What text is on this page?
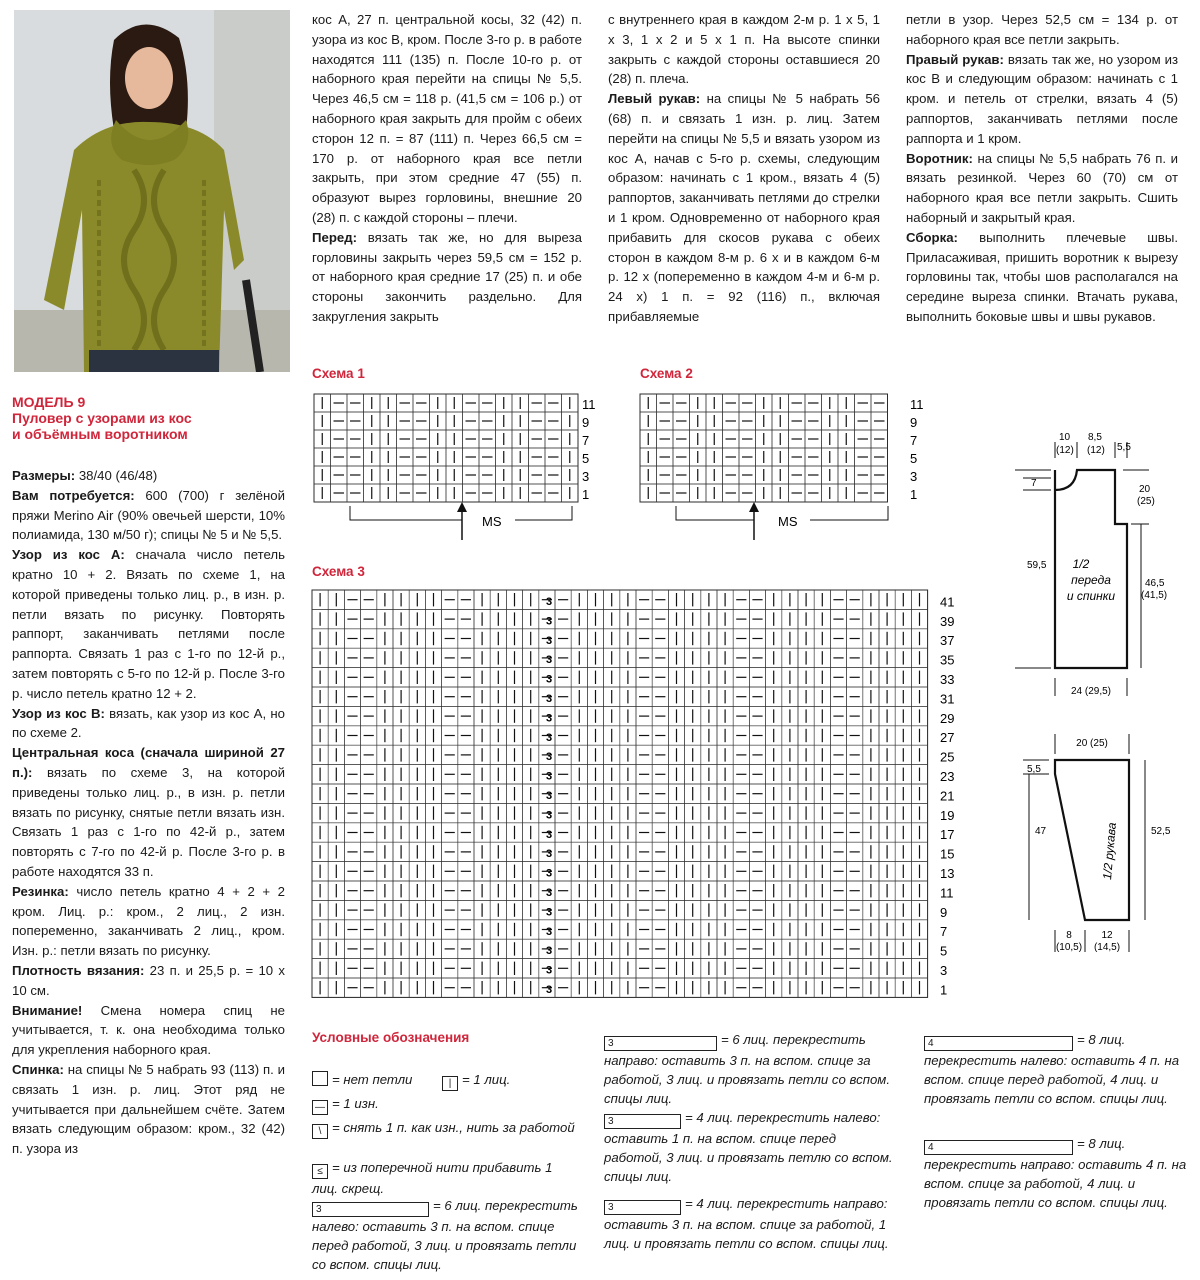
МОДЕЛЬ 9
Пуловер с узорами из кос
и объёмным воротником

Размеры: 38/40 (46/48)

Вам потребуется: 600 (700) г зелёной пряжи Merino Air (90% овечьей шерсти, 10% полиамида, 130 м/50 г); спицы № 5 и № 5,5.

Узор из кос А: сначала число петель кратно 10 + 2. Вязать по схеме 1, на которой приведены только лиц. р., в изн. р. петли вязать по рисунку. Повторять раппорт, заканчивать петлями после раппорта. Связать 1 раз с 1-го по 12-й р., затем повторять с 5-го по 12-й р. После 3-го р. число петель кратно 12 + 2.

Узор из кос В: вязать, как узор из кос А, но по схеме 2.

Центральная коса (сначала шириной 27 п.): вязать по схеме 3, на которой приведены только лиц. р., в изн. р. петли вязать по рисунку, снятые петли вязать изн. Связать 1 раз с 1-го по 42-й р., затем повторять с 7-го по 42-й р. После 3-го р. в работе находятся 33 п.

Резинка: число петель кратно 4 + 2 + 2 кром. Лиц. р.: кром., 2 лиц., 2 изн. попеременно, заканчивать 2 лиц., кром. Изн. р.: петли вязать по рисунку.

Плотность вязания: 23 п. и 25,5 р. = 10 х 10 см.

Внимание! Смена номера спиц не учитывается, т. к. она необходима только для укрепления наборного края.

Спинка: на спицы № 5 набрать 93 (113) п. и связать 1 изн. р. лиц. Этот ряд не учитывается при дальнейшем счёте. Затем вязать следующим образом: кром., 32 (42) п. узора из

кос А, 27 п. центральной косы, 32 (42) п. узора из кос В, кром. После 3-го р. в работе находятся 111 (135) п. После 10-го р. от наборного края перейти на спицы № 5,5. Через 46,5 см = 118 р. (41,5 см = 106 р.) от наборного края закрыть для пройм с обеих сторон 12 п. = 87 (111) п. Через 66,5 см = 170 р. от наборного края все петли закрыть, при этом средние 47 (55) п. образуют вырез горловины, внешние 20 (28) п. с каждой стороны – плечи.

Перед: вязать так же, но для выреза горловины закрыть через 59,5 см = 152 р. от наборного края средние 17 (25) п. и обе стороны закончить раздельно. Для закругления закрыть

с внутреннего края в каждом 2-м р. 1 х 5, 1 х 3, 1 х 2 и 5 х 1 п. На высоте спинки закрыть с каждой стороны оставшиеся 20 (28) п. плеча.

Левый рукав: на спицы № 5 набрать 56 (68) п. и связать 1 изн. р. лиц. Затем перейти на спицы № 5,5 и вязать узором из кос А, начав с 5-го р. схемы, следующим образом: начинать с 1 кром., вязать 4 (5) раппортов, заканчивать петлями до стрелки и 1 кром. Одновременно от наборного края прибавить для скосов рукава с обеих сторон в каждом 8-м р. 6 х и в каждом 6-м р. 12 х (попеременно в каждом 4-м и 6-м р. 24 х) 1 п. = 92 (116) п., включая прибавляемые

петли в узор. Через 52,5 см = 134 р. от наборного края все петли закрыть.

Правый рукав: вязать так же, но узором из кос В и следующим образом: начинать с 1 кром. и петель от стрелки, вязать 4 (5) раппортов, заканчивать петлями после раппорта и 1 кром.

Воротник: на спицы № 5,5 набрать 76 п. и вязать резинкой. Через 60 (70) см от наборного края все петли закрыть. Сшить наборный и закрытый края.

Сборка: выполнить плечевые швы. Приласаживая, пришить воротник к вырезу горловины так, чтобы шов располагался на середине выреза спинки. Втачать рукава, выполнить боковые швы и швы рукавов.

Схема 1	Схема 2
Схема 3
11
9
7
5
3
1
MS
11
9
7
5
3
1
MS
41
39
37
35
33
31
29
27
25
23
21
19
17
15
13
11
9
7
5
3
1
3
3
3
3
3
3
3
3
3
3
3
3
3
3
3
3
3
3
3
3
3
10
(12)
8,5
(12) 5,5
7
20
(25)
46,5
(41,5)
59,5 1/2
переда
и спинки
24 (29,5)
20 (25)
5,5
47	52,5
1/2 рукава
8
(10,5)
12
(14,5)
Условные обозначения
= нет петли	| = 1 лиц.
— = 1 изн.
\ = снять 1 п. как изн., нить за работой
≤ = из поперечной нити прибавить 1 лиц. скрещ.
3	= 6 лиц. перекрестить налево: оставить 3 п. на вспом. спице перед работой, 3 лиц. и провязать петли со вспом. спицы лиц.
3	= 6 лиц. перекрестить направо: оставить 3 п. на вспом. спице за работой, 3 лиц. и провязать петли со вспом. спицы лиц.
3	= 4 лиц. перекрестить налево: оставить 1 п. на вспом. спице перед работой, 3 лиц. и провязать петлю со вспом. спицы лиц.
3	= 4 лиц. перекрестить направо: оставить 3 п. на вспом. спице за работой, 1 лиц. и провязать петли со вспом. спицы лиц.
4	= 8 лиц. перекрестить налево: оставить 4 п. на вспом. спице перед работой, 4 лиц. и провязать петли со вспом. спицы лиц.
4	= 8 лиц. перекрестить направо: оставить 4 п. на вспом. спице за работой, 4 лиц. и провязать петли со вспом. спицы лиц.
